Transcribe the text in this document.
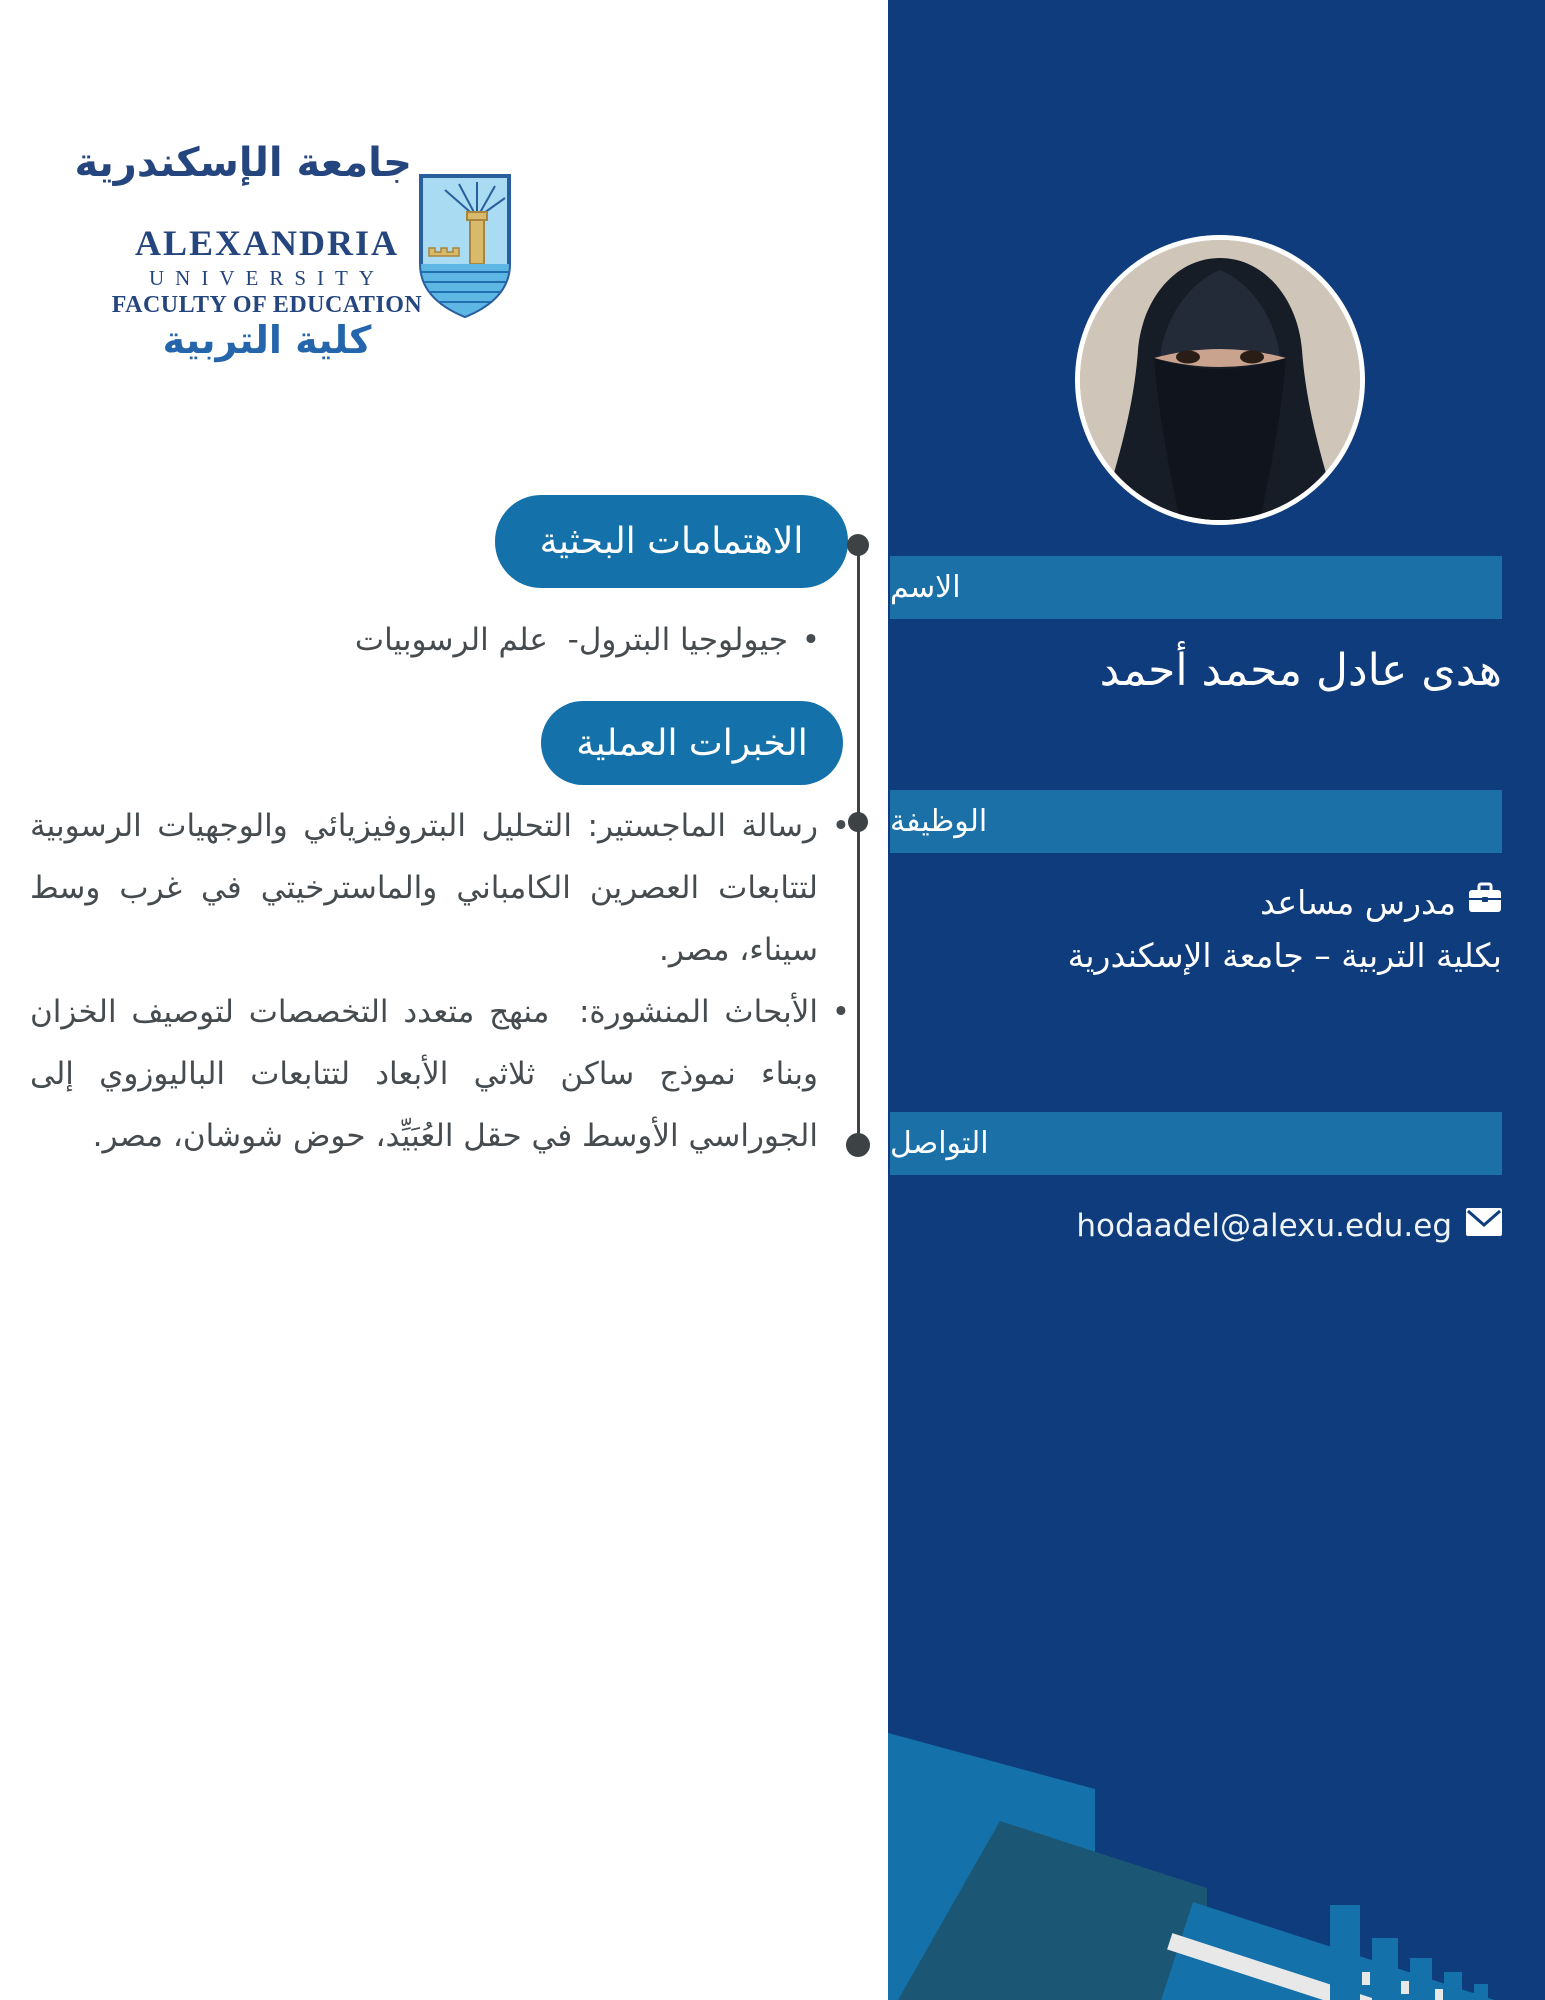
جامعة الإسكندرية
ALEXANDRIA
UNIVERSITY
FACULTY OF EDUCATION
كلية التربية
الاهتمامات البحثية
• جيولوجيا البترول-  علم الرسوبيات
الخبرات العملية
• رسالة الماجستير: التحليل البتروفيزيائي والوجهيات الرسوبية لتتابعات العصرين الكامباني والماسترخيتي في غرب وسط سيناء، مصر.
• الأبحاث المنشورة:  منهج متعدد التخصصات لتوصيف الخزان وبناء نموذج ساكن ثلاثي الأبعاد لتتابعات الباليوزوي إلى الجوراسي الأوسط في حقل العُبَيِّد، حوض شوشان، مصر.
الاسم
هدى عادل محمد أحمد
الوظيفة
مدرس مساعد
بكلية التربية – جامعة الإسكندرية
التواصل
hodaadel@alexu.edu.eg
